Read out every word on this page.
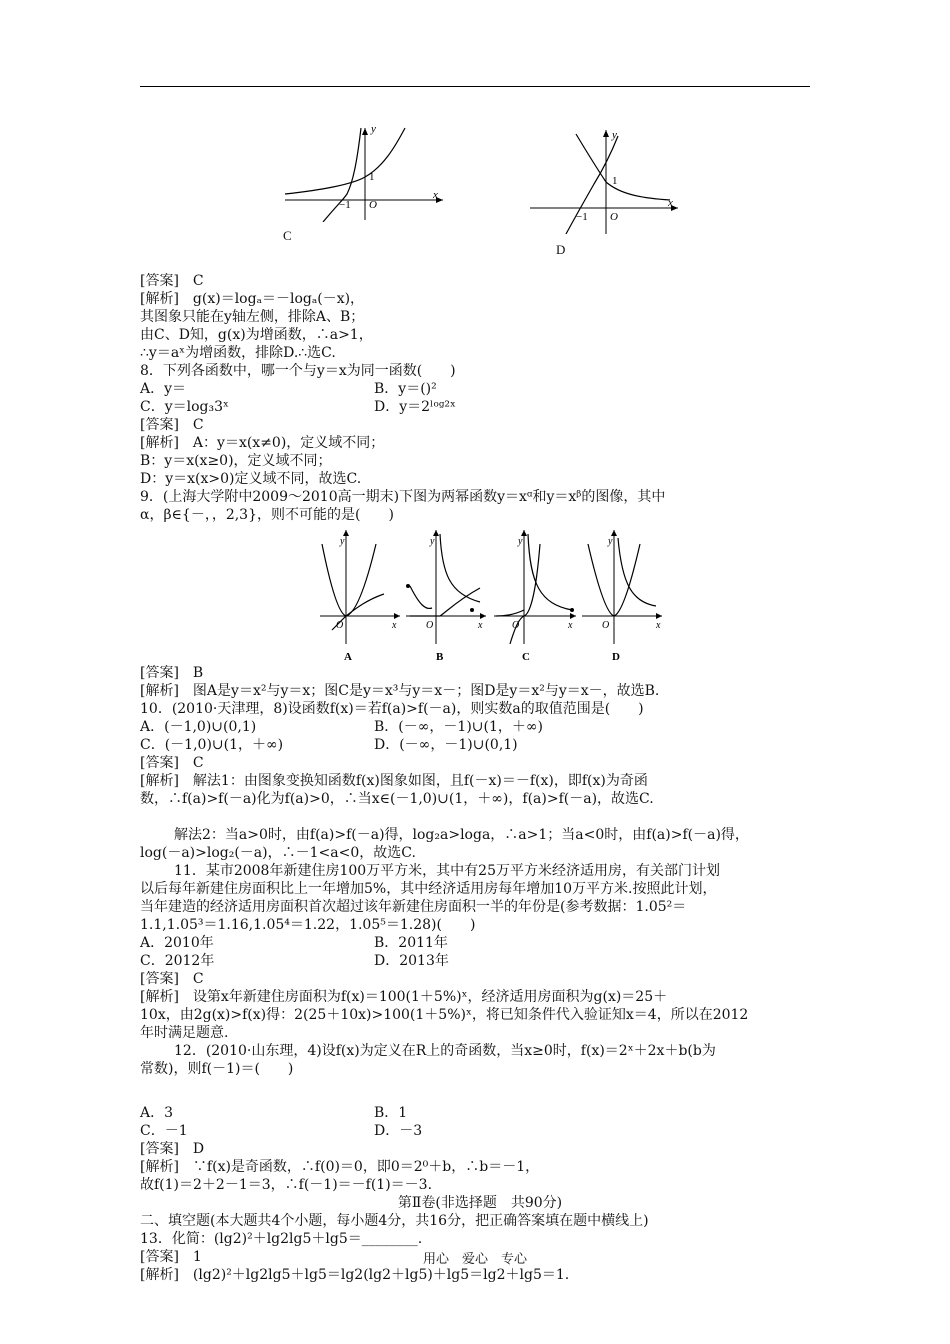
y
x
O
1
−1
C
y
x
O
1
−1
D
[答案]　C
[解析]　g(x)＝logₐ＝－logₐ(－x)，
其图象只能在y轴左侧，排除A、B；
由C、D知，g(x)为增函数，∴a>1，
∴y＝aˣ为增函数，排除D.∴选C.
8．下列各函数中，哪一个与y＝x为同一函数(　　)
A．y＝	B．y＝()²
C．y＝log₃3ˣ	D．y＝2ˡᵒᵍ²ˣ
[答案]　C
[解析]　A：y＝x(x≠0)，定义域不同；
B：y＝x(x≥0)，定义域不同；
D：y＝x(x>0)定义域不同，故选C.
9．(上海大学附中2009～2010高一期末)下图为两幂函数y＝xᵅ和y＝xᵝ的图像，其中
α，β∈{－，，2,3}，则不可能的是(　　)
y
x
O
A
y
x
O
B
y
x
O
C
y
x
O
D
[答案]　B
[解析]　图A是y＝x²与y＝x；图C是y＝x³与y＝x－；图D是y＝x²与y＝x－，故选B.
10．(2010·天津理，8)设函数f(x)＝若f(a)>f(－a)，则实数a的取值范围是(　　)
A．(－1,0)∪(0,1)	B．(－∞，－1)∪(1，＋∞)
C．(－1,0)∪(1，＋∞)	D．(－∞，－1)∪(0,1)
[答案]　C
[解析]　解法1：由图象变换知函数f(x)图象如图，且f(－x)＝－f(x)，即f(x)为奇函
数，∴f(a)>f(－a)化为f(a)>0，∴当x∈(－1,0)∪(1，＋∞)，f(a)>f(－a)，故选C.
解法2：当a>0时，由f(a)>f(－a)得，log₂a>loga，∴a>1；当a<0时，由f(a)>f(－a)得，
log(－a)>log₂(－a)，∴－1<a<0，故选C.
11．某市2008年新建住房100万平方米，其中有25万平方米经济适用房，有关部门计划
以后每年新建住房面积比上一年增加5%，其中经济适用房每年增加10万平方米.按照此计划，
当年建造的经济适用房面积首次超过该年新建住房面积一半的年份是(参考数据：1.05²＝
1.1,1.05³＝1.16,1.05⁴＝1.22，1.05⁵＝1.28)(　　)
A．2010年	B．2011年
C．2012年	D．2013年
[答案]　C
[解析]　设第x年新建住房面积为f(x)＝100(1＋5%)ˣ，经济适用房面积为g(x)＝25＋
10x，由2g(x)>f(x)得：2(25＋10x)>100(1＋5%)ˣ，将已知条件代入验证知x＝4，所以在2012
年时满足题意.
12．(2010·山东理，4)设f(x)为定义在R上的奇函数，当x≥0时，f(x)＝2ˣ＋2x＋b(b为
常数)，则f(－1)＝(　　)
A．3	B．1
C．－1	D．－3
[答案]　D
[解析]　∵f(x)是奇函数，∴f(0)＝0，即0＝2⁰＋b，∴b＝－1，
故f(1)＝2＋2－1＝3，∴f(－1)＝－f(1)＝－3.
第Ⅱ卷(非选择题　共90分)
二、填空题(本大题共4个小题，每小题4分，共16分，把正确答案填在题中横线上)
13．化简：(lg2)²＋lg2lg5＋lg5＝________.
[答案]　1
[解析]　(lg2)²＋lg2lg5＋lg5＝lg2(lg2＋lg5)＋lg5＝lg2＋lg5＝1.
用心　爱心　专心
